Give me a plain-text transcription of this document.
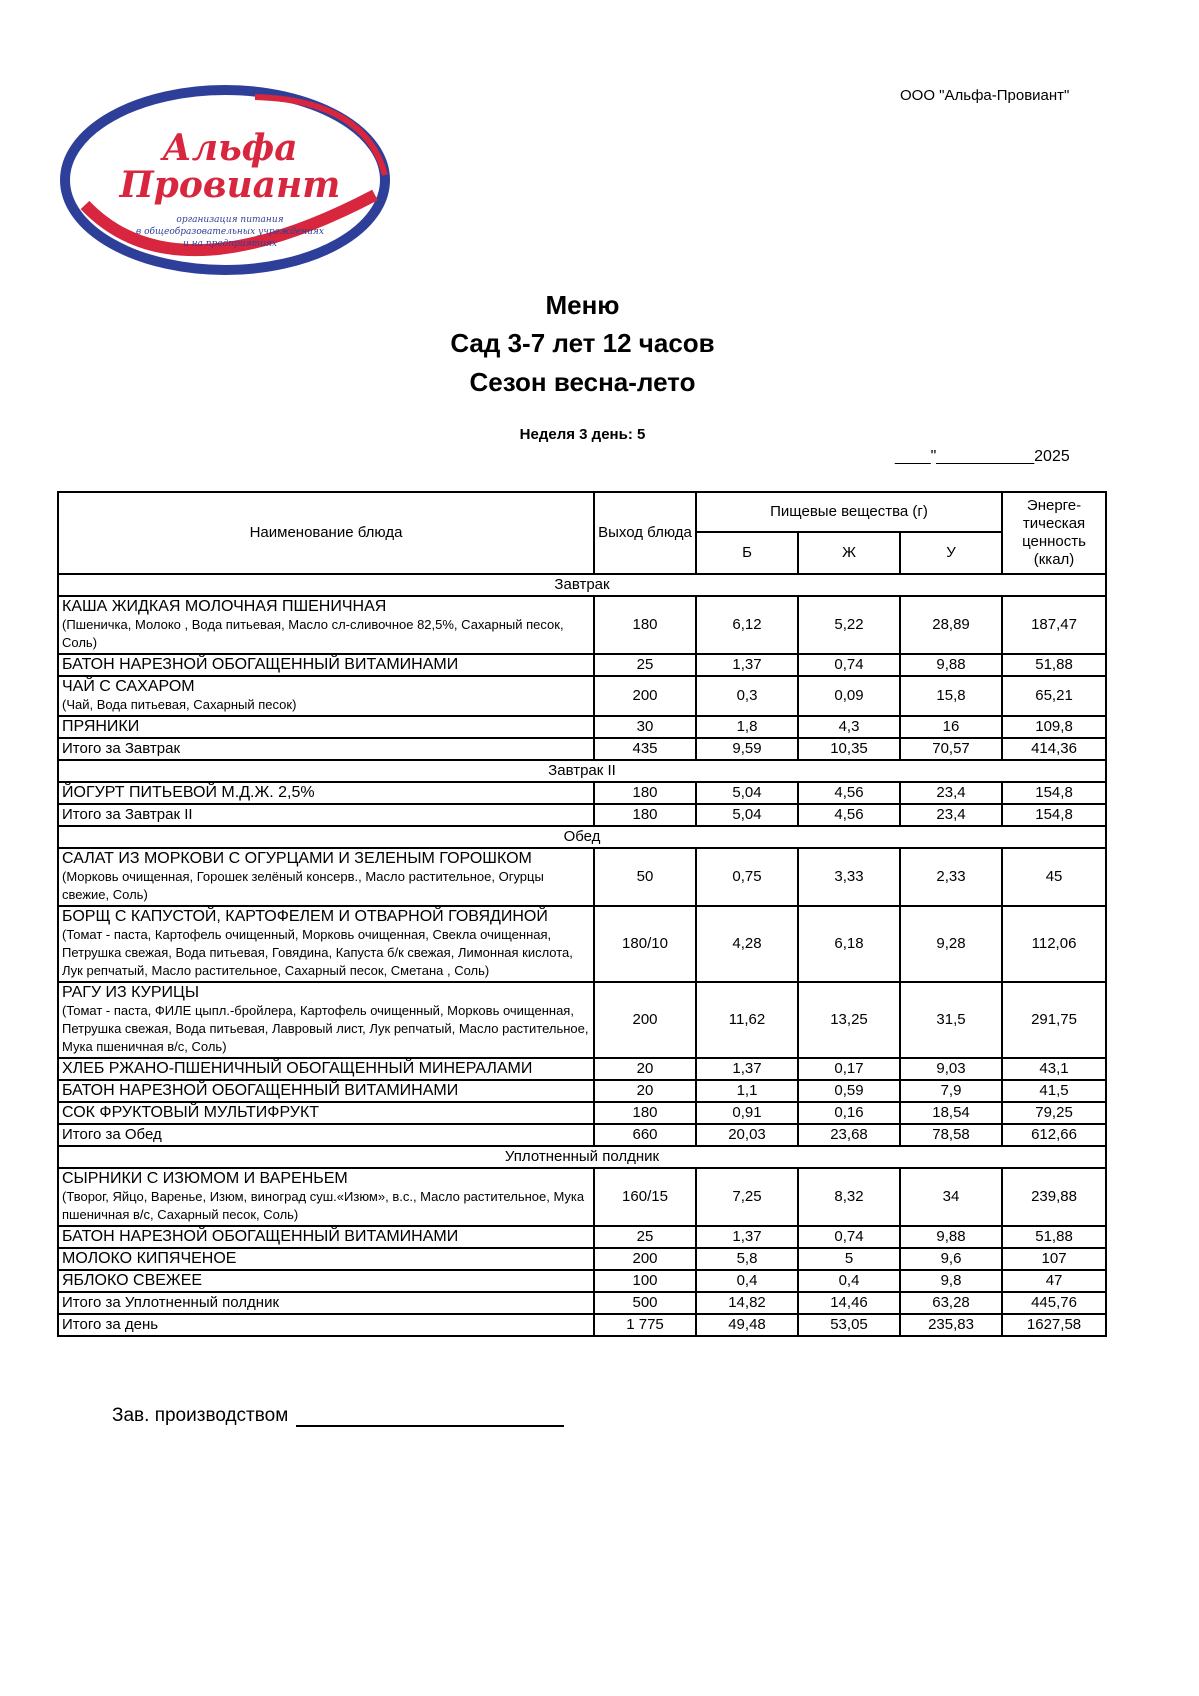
ООО "Альфа-Провиант"
Альфа
Провиант
организация питания
в общеобразовательных учреждениях
и на предприятиях
Меню
Сад 3-7 лет 12 часов
Сезон весна-лето
Неделя 3 день: 5
____"___________2025
Наименование блюда	Выход блюда	Пищевые вещества (г)			Энерге-тическая ценность (ккал)
		Б	Ж	У	
Завтрак					

КАША ЖИДКАЯ МОЛОЧНАЯ ПШЕНИЧНАЯ
(Пшеничка, Молоко , Вода питьевая, Масло сл-сливочное 82,5%, Сахарный песок, Соль)	180	6,12	5,22	28,89	187,47

БАТОН НАРЕЗНОЙ ОБОГАЩЕННЫЙ ВИТАМИНАМИ	25	1,37	0,74	9,88	51,88

ЧАЙ С САХАРОМ
(Чай, Вода питьевая, Сахарный песок)	200	0,3	0,09	15,8	65,21

ПРЯНИКИ	30	1,8	4,3	16	109,8
Итого за Завтрак	435	9,59	10,35	70,57	414,36
Завтрак II					

ЙОГУРТ ПИТЬЕВОЙ М.Д.Ж. 2,5%	180	5,04	4,56	23,4	154,8
Итого за Завтрак II	180	5,04	4,56	23,4	154,8
Обед					

САЛАТ ИЗ МОРКОВИ С ОГУРЦАМИ И ЗЕЛЕНЫМ ГОРОШКОМ
(Морковь очищенная, Горошек зелёный консерв., Масло растительное, Огурцы свежие, Соль)	50	0,75	3,33	2,33	45

БОРЩ С КАПУСТОЙ, КАРТОФЕЛЕМ И ОТВАРНОЙ ГОВЯДИНОЙ
(Томат - паста, Картофель очищенный, Морковь очищенная, Свекла очищенная, Петрушка свежая, Вода питьевая, Говядина, Капуста б/к свежая, Лимонная кислота, Лук репчатый, Масло растительное, Сахарный песок, Сметана , Соль)	180/10	4,28	6,18	9,28	112,06

РАГУ ИЗ КУРИЦЫ
(Томат - паста, ФИЛЕ цыпл.-бройлера, Картофель очищенный, Морковь очищенная, Петрушка свежая, Вода питьевая, Лавровый лист, Лук репчатый, Масло растительное, Мука пшеничная в/с, Соль)	200	11,62	13,25	31,5	291,75

ХЛЕБ РЖАНО-ПШЕНИЧНЫЙ ОБОГАЩЕННЫЙ МИНЕРАЛАМИ	20	1,37	0,17	9,03	43,1

БАТОН НАРЕЗНОЙ ОБОГАЩЕННЫЙ ВИТАМИНАМИ	20	1,1	0,59	7,9	41,5

СОК ФРУКТОВЫЙ МУЛЬТИФРУКТ	180	0,91	0,16	18,54	79,25
Итого за Обед	660	20,03	23,68	78,58	612,66
Уплотненный полдник					

СЫРНИКИ С ИЗЮМОМ И ВАРЕНЬЕМ
(Творог, Яйцо, Варенье, Изюм, виноград суш.«Изюм», в.с., Масло растительное, Мука пшеничная в/с, Сахарный песок, Соль)	160/15	7,25	8,32	34	239,88

БАТОН НАРЕЗНОЙ ОБОГАЩЕННЫЙ ВИТАМИНАМИ	25	1,37	0,74	9,88	51,88

МОЛОКО КИПЯЧЕНОЕ	200	5,8	5	9,6	107

ЯБЛОКО СВЕЖЕЕ	100	0,4	0,4	9,8	47
Итого за Уплотненный полдник	500	14,82	14,46	63,28	445,76
Итого за день	1 775	49,48	53,05	235,83	1627,58
Зав. производством
